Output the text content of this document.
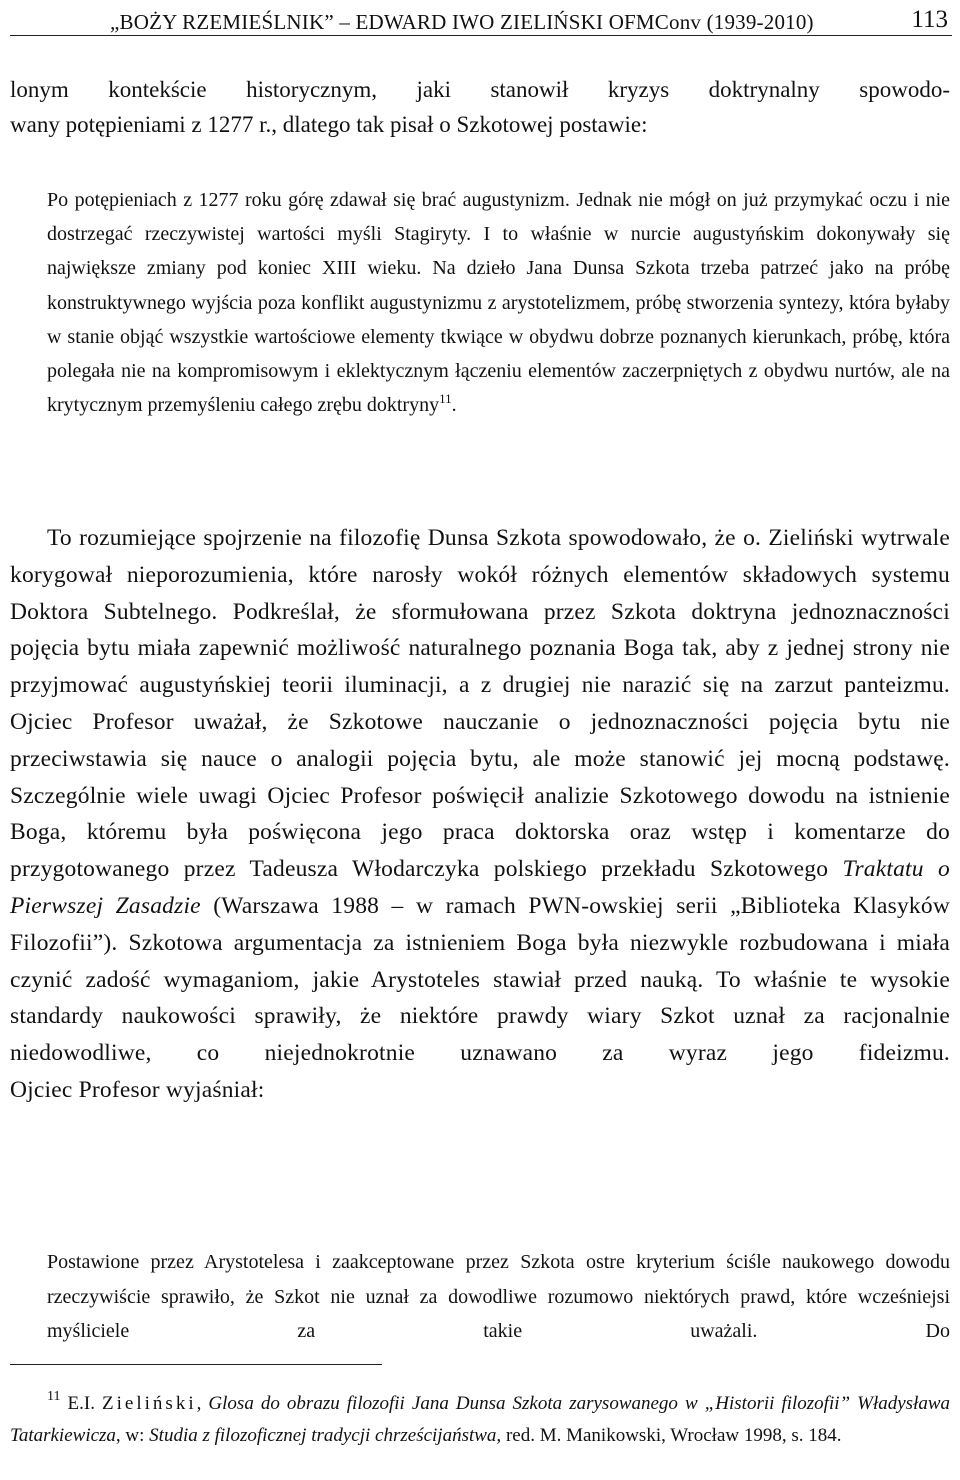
„BOŻY RZEMIEŚLNIK” – EDWARD IWO ZIELIŃSKI OFMConv (1939-2010)	113

lonym kontekście historycznym, jaki stanowił kryzys doktrynalny spowodo-

wany potępieniami z 1277 r., dlatego tak pisał o Szkotowej postawie:

Po potępieniach z 1277 roku górę zdawał się brać augustynizm. Jednak nie mógł on już przymykać oczu i nie dostrzegać rzeczywistej wartości myśli Stagiryty. I to właśnie w nurcie augustyńskim dokonywały się największe zmiany pod koniec XIII wieku. Na dzieło Jana Dunsa Szkota trzeba patrzeć jako na próbę konstruktywnego wyjścia poza konflikt augustynizmu z arystotelizmem, próbę stworzenia syntezy, która byłaby w stanie objąć wszystkie wartościowe elementy tkwiące w obydwu dobrze poznanych kierunkach, próbę, która polegała nie na kompromisowym i eklektycznym łączeniu elementów zaczerpniętych z obydwu nurtów, ale na krytycznym przemyśleniu całego zrębu doktryny$^{11}$.

To rozumiejące spojrzenie na filozofię Dunsa Szkota spowodowało, że o. Zieliński wytrwale korygował nieporozumienia, które narosły wokół różnych elementów składowych systemu Doktora Subtelnego. Podkreślał, że sformułowana przez Szkota doktryna jednoznaczności pojęcia bytu miała zapewnić możliwość naturalnego poznania Boga tak, aby z jednej strony nie przyjmować augustyńskiej teorii iluminacji, a z drugiej nie narazić się na zarzut panteizmu. Ojciec Profesor uważał, że Szkotowe nauczanie o jednoznaczności pojęcia bytu nie przeciwstawia się nauce o analogii pojęcia bytu, ale może stanowić jej mocną podstawę. Szczególnie wiele uwagi Ojciec Profesor poświęcił analizie Szkotowego dowodu na istnienie Boga, któremu była poświęcona jego praca doktorska oraz wstęp i komentarze do przygotowanego przez Tadeusza Włodarczyka polskiego przekładu Szkotowego Traktatu o Pierwszej Zasadzie (Warszawa 1988 – w ramach PWN-owskiej serii „Biblioteka Klasyków Filozofii”). Szkotowa argumentacja za istnieniem Boga była niezwykle rozbudowana i miała czynić zadość wymaganiom, jakie Arystoteles stawiał przed nauką. To właśnie te wysokie standardy naukowości sprawiły, że niektóre prawdy wiary Szkot uznał za racjonalnie niedowodliwe, co niejednokrotnie uznawano za wyraz jego fideizmu.

Ojciec Profesor wyjaśniał:

Postawione przez Arystotelesa i zaakceptowane przez Szkota ostre kryterium ściśle naukowego dowodu rzeczywiście sprawiło, że Szkot nie uznał za dowodliwe rozumowo niektórych prawd, które wcześniejsi myśliciele za takie uważali. Do

$^{11}$ E.I. Zieliński, Glosa do obrazu filozofii Jana Dunsa Szkota zarysowanego w „Historii filozofii” Władysława Tatarkiewicza, w: Studia z filozoficznej tradycji chrześcijaństwa, red. M. Manikowski, Wrocław 1998, s. 184.
